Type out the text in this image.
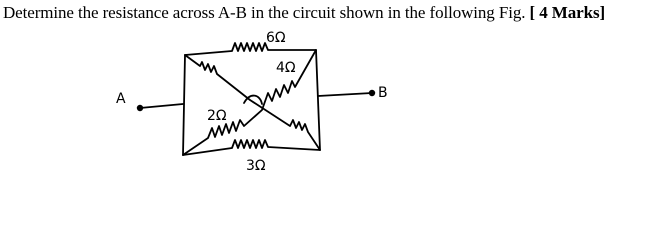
Determine the resistance across A-B in the circuit shown in the following Fig. [ 4 Marks]
A	B
6Ω
4Ω
2Ω
3Ω
